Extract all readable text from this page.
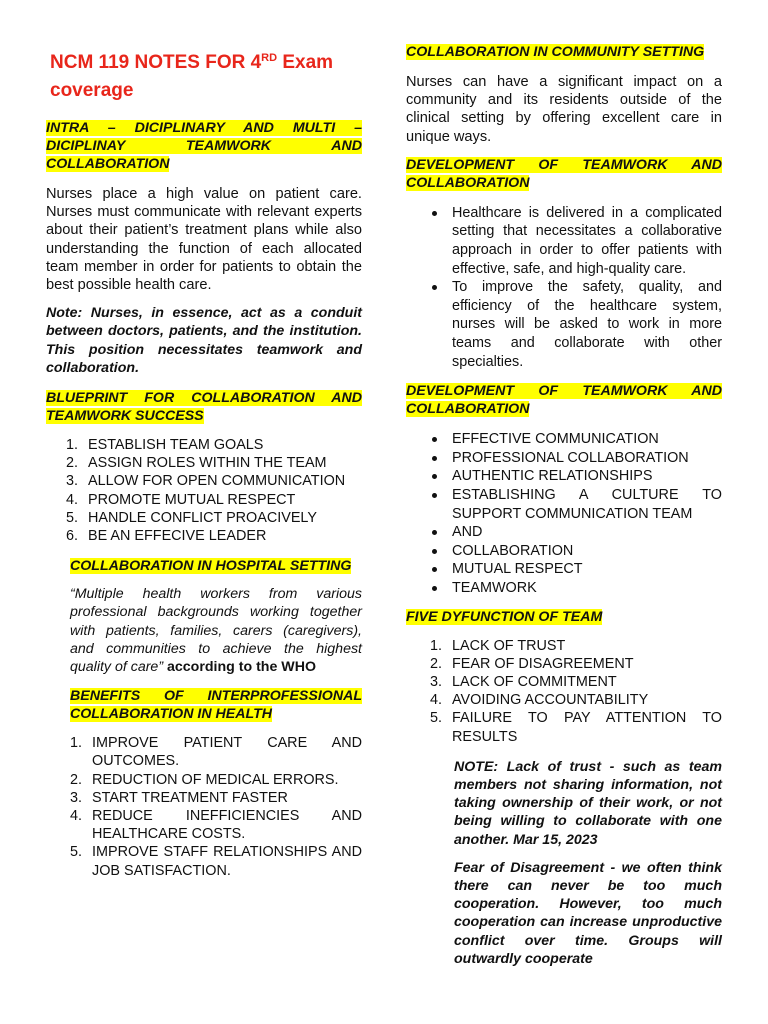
NCM 119 NOTES FOR 4RD Exam
coverage

INTRA – DICIPLINARY AND MULTI – DICIPLINAY TEAMWORK AND COLLABORATION

Nurses place a high value on patient care. Nurses must communicate with relevant experts about their patient’s treatment plans while also understanding the function of each allocated team member in order for patients to obtain the best possible health care.

Note: Nurses, in essence, act as a conduit between doctors, patients, and the institution. This position necessitates teamwork and collaboration.

BLUEPRINT FOR COLLABORATION AND TEAMWORK SUCCESS

1. ESTABLISH TEAM GOALS
2. ASSIGN ROLES WITHIN THE TEAM
3. ALLOW FOR OPEN COMMUNICATION
4. PROMOTE MUTUAL RESPECT
5. HANDLE CONFLICT PROACIVELY
6. BE AN EFFECIVE LEADER

COLLABORATION IN HOSPITAL SETTING

“Multiple health workers from various professional backgrounds working together with patients, families, carers (caregivers), and communities to achieve the highest quality of care” according to the WHO

BENEFITS OF INTERPROFESSIONAL COLLABORATION IN HEALTH

1. IMPROVE PATIENT CARE AND OUTCOMES.
2. REDUCTION OF MEDICAL ERRORS.
3. START TREATMENT FASTER
4. REDUCE INEFFICIENCIES AND HEALTHCARE COSTS.
5. IMPROVE STAFF RELATIONSHIPS AND JOB SATISFACTION.

COLLABORATION IN COMMUNITY SETTING

Nurses can have a significant impact on a community and its residents outside of the clinical setting by offering excellent care in unique ways.

DEVELOPMENT OF TEAMWORK AND COLLABORATION

Healthcare is delivered in a complicated setting that necessitates a collaborative approach in order to offer patients with effective, safe, and high-quality care.
To improve the safety, quality, and efficiency of the healthcare system, nurses will be asked to work in more teams and collaborate with other specialties.

DEVELOPMENT OF TEAMWORK AND COLLABORATION

EFFECTIVE COMMUNICATION
PROFESSIONAL COLLABORATION
AUTHENTIC RELATIONSHIPS
ESTABLISHING A CULTURE TO SUPPORT COMMUNICATION TEAM
AND
COLLABORATION
MUTUAL RESPECT
TEAMWORK

FIVE DYFUNCTION OF TEAM

1. LACK OF TRUST
2. FEAR OF DISAGREEMENT
3. LACK OF COMMITMENT
4. AVOIDING ACCOUNTABILITY
5. FAILURE TO PAY ATTENTION TO RESULTS

NOTE: Lack of trust - such as team members not sharing information, not taking ownership of their work, or not being willing to collaborate with one another. Mar 15, 2023

Fear of Disagreement - we often think there can never be too much cooperation. However, too much cooperation can increase unproductive conflict over time. Groups will outwardly cooperate
